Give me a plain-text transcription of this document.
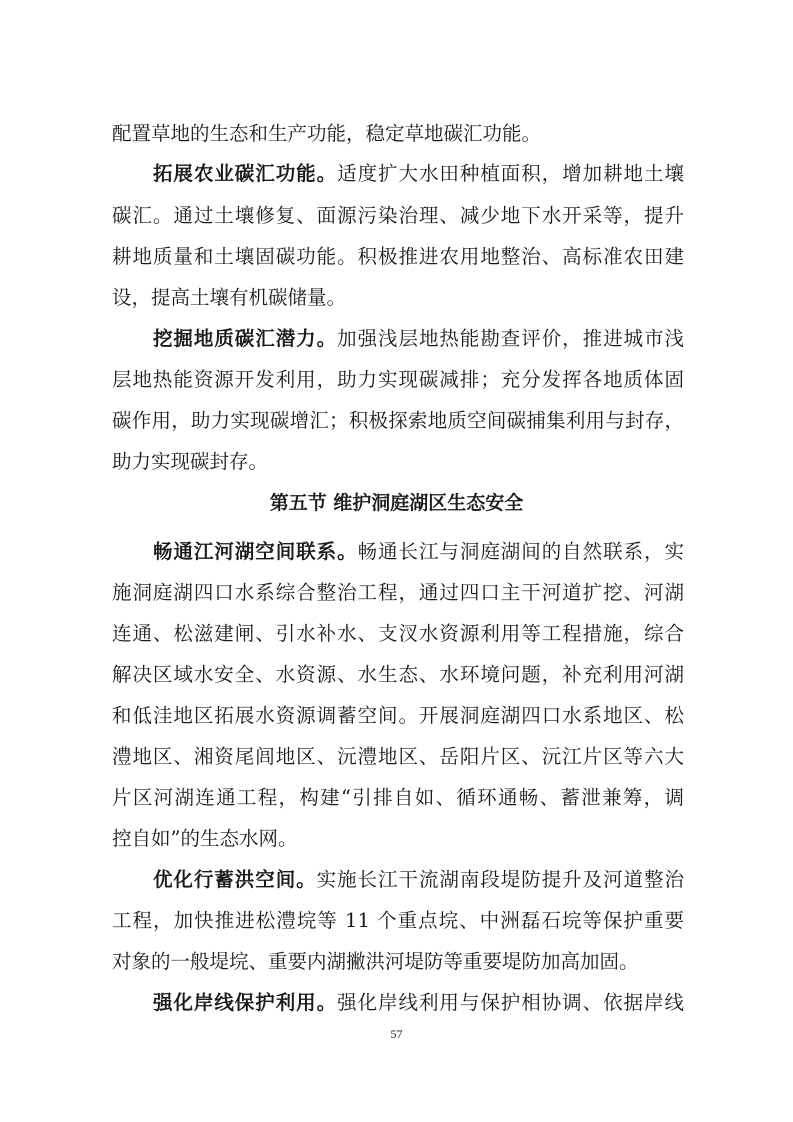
配置草地的生态和生产功能，稳定草地碳汇功能。
拓展农业碳汇功能。适度扩大水田种植面积，增加耕地土壤
碳汇。通过土壤修复、面源污染治理、减少地下水开采等，提升
耕地质量和土壤固碳功能。积极推进农用地整治、高标准农田建
设，提高土壤有机碳储量。
挖掘地质碳汇潜力。加强浅层地热能勘查评价，推进城市浅
层地热能资源开发利用，助力实现碳减排；充分发挥各地质体固
碳作用，助力实现碳增汇；积极探索地质空间碳捕集利用与封存，
助力实现碳封存。
第五节 维护洞庭湖区生态安全
畅通江河湖空间联系。畅通长江与洞庭湖间的自然联系，实
施洞庭湖四口水系综合整治工程，通过四口主干河道扩挖、河湖
连通、松滋建闸、引水补水、支汊水资源利用等工程措施，综合
解决区域水安全、水资源、水生态、水环境问题，补充利用河湖
和低洼地区拓展水资源调蓄空间。开展洞庭湖四口水系地区、松
澧地区、湘资尾闾地区、沅澧地区、岳阳片区、沅江片区等六大
片区河湖连通工程，构建“引排自如、循环通畅、蓄泄兼筹，调
控自如”的生态水网。
优化行蓄洪空间。实施长江干流湖南段堤防提升及河道整治
工程，加快推进松澧垸等 11 个重点垸、中洲磊石垸等保护重要
对象的一般堤垸、重要内湖撇洪河堤防等重要堤防加高加固。
强化岸线保护利用。强化岸线利用与保护相协调、依据岸线
57
